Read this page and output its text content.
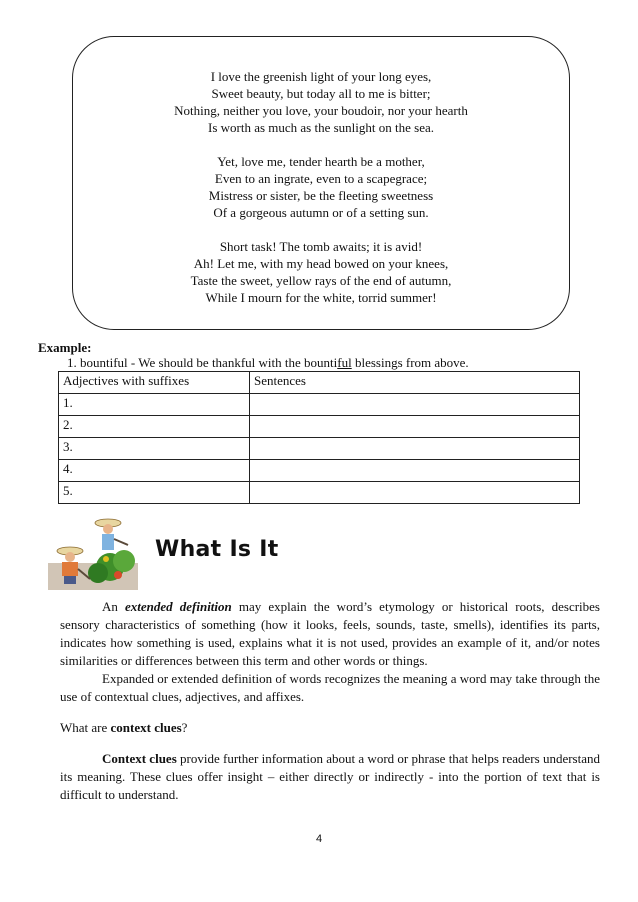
I love the greenish light of your long eyes,
Sweet beauty, but today all to me is bitter;
Nothing, neither you love, your boudoir, nor your hearth
Is worth as much as the sunlight on the sea.
Yet, love me, tender hearth be a mother,
Even to an ingrate, even to a scapegrace;
Mistress or sister, be the fleeting sweetness
Of a gorgeous autumn or of a setting sun.
Short task! The tomb awaits; it is avid!
Ah! Let me, with my head bowed on your knees,
Taste the sweet, yellow rays of the end of autumn,
While I mourn for the white, torrid summer!
Example:
1. bountiful - We should be thankful with the bountiful blessings from above.
Adjectives with suffixes	Sentences
1.	
2.	
3.	
4.	
5.	
What Is It
An extended definition may explain the word’s etymology or historical roots, describes sensory characteristics of something (how it looks, feels, sounds, taste, smells), identifies its parts, indicates how something is used, explains what it is not used, provides an example of it, and/or notes similarities or differences between this term and other words or things.
Expanded or extended definition of words recognizes the meaning a word may take through the use of contextual clues, adjectives, and affixes.
What are context clues?
Context clues provide further information about a word or phrase that helps readers understand its meaning. These clues offer insight – either directly or indirectly - into the portion of text that is difficult to understand.
4
